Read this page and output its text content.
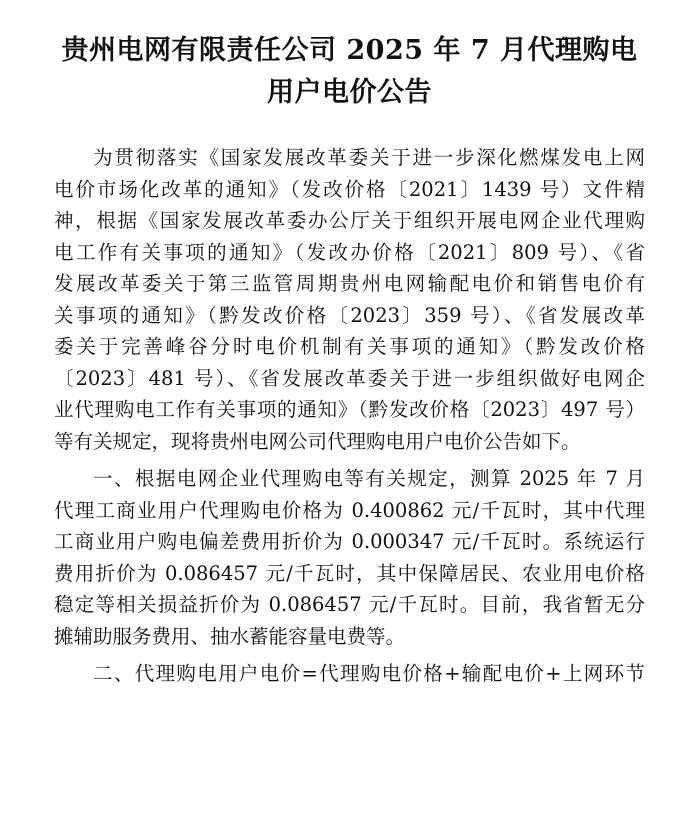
贵州电网有限责任公司 2025 年 7 月代理购电
用户电价公告
为贯彻落实《国家发展改革委关于进一步深化燃煤发电上网
电价市场化改革的通知》（发改价格〔2021〕1439 号）文件精
神，根据《国家发展改革委办公厅关于组织开展电网企业代理购
电工作有关事项的通知》（发改办价格〔2021〕809 号）、《省
发展改革委关于第三监管周期贵州电网输配电价和销售电价有
关事项的通知》（黔发改价格〔2023〕359 号）、《省发展改革
委关于完善峰谷分时电价机制有关事项的通知》（黔发改价格
〔2023〕481 号）、《省发展改革委关于进一步组织做好电网企
业代理购电工作有关事项的通知》（黔发改价格〔2023〕497 号）
等有关规定，现将贵州电网公司代理购电用户电价公告如下。
一、根据电网企业代理购电等有关规定，测算 2025 年 7 月
代理工商业用户代理购电价格为 0.400862 元/千瓦时，其中代理
工商业用户购电偏差费用折价为 0.000347 元/千瓦时。系统运行
费用折价为 0.086457 元/千瓦时，其中保障居民、农业用电价格
稳定等相关损益折价为 0.086457 元/千瓦时。目前，我省暂无分
摊辅助服务费用、抽水蓄能容量电费等。
二、代理购电用户电价=代理购电价格+输配电价+上网环节
